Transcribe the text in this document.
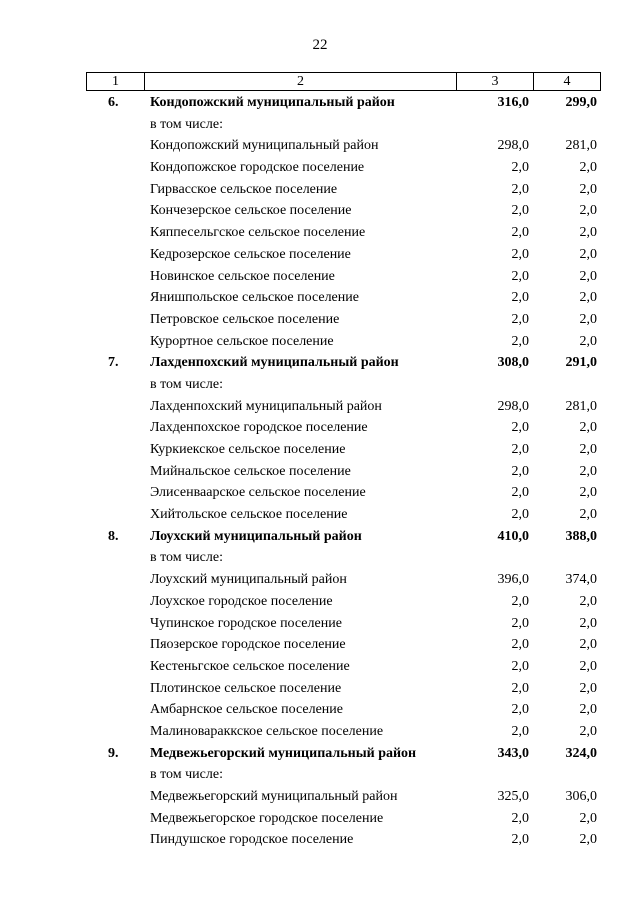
22
1	2	3	4
6. Кондопожский муниципальный район	316,0	299,0
в том числе:
Кондопожский муниципальный район	298,0	281,0
Кондопожское городское поселение	2,0	2,0
Гирвасское сельское поселение	2,0	2,0
Кончезерское сельское поселение	2,0	2,0
Кяппесельгское сельское поселение	2,0	2,0
Кедрозерское сельское поселение	2,0	2,0
Новинское сельское поселение	2,0	2,0
Янишпольское сельское поселение	2,0	2,0
Петровское сельское поселение	2,0	2,0
Курортное сельское поселение	2,0	2,0
7. Лахденпохский муниципальный район	308,0	291,0
в том числе:
Лахденпохский муниципальный район	298,0	281,0
Лахденпохское городское поселение	2,0	2,0
Куркиекское сельское поселение	2,0	2,0
Мийнальское сельское поселение	2,0	2,0
Элисенваарское сельское поселение	2,0	2,0
Хийтольское сельское поселение	2,0	2,0
8. Лоухский муниципальный район	410,0	388,0
в том числе:
Лоухский муниципальный район	396,0	374,0
Лоухское городское поселение	2,0	2,0
Чупинское городское поселение	2,0	2,0
Пяозерское городское поселение	2,0	2,0
Кестеньгское сельское поселение	2,0	2,0
Плотинское сельское поселение	2,0	2,0
Амбарнское сельское поселение	2,0	2,0
Малиновараккское сельское поселение	2,0	2,0
9. Медвежьегорский муниципальный район	343,0	324,0
в том числе:
Медвежьегорский муниципальный район	325,0	306,0
Медвежьегорское городское поселение	2,0	2,0
Пиндушское городское поселение	2,0	2,0
